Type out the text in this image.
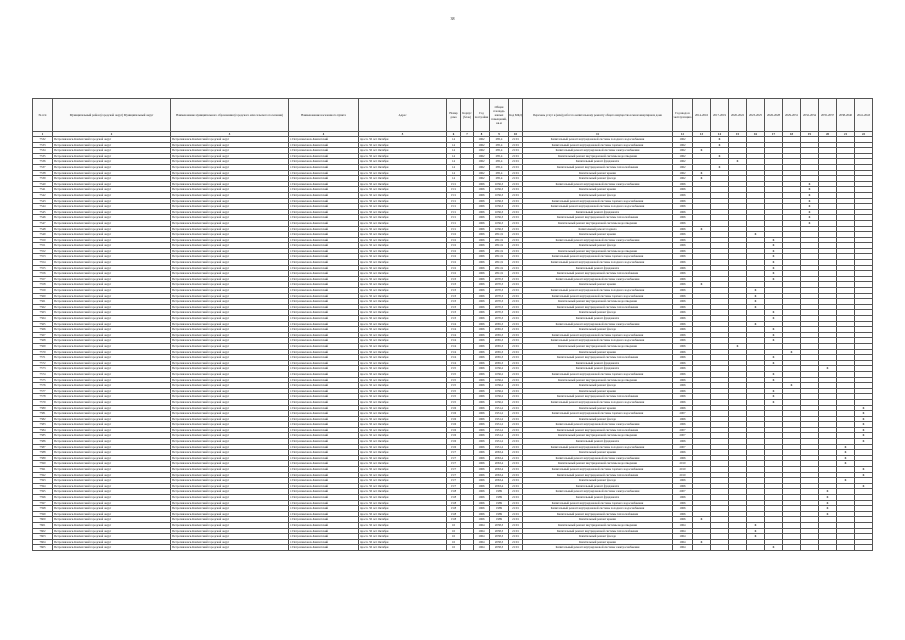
38
№ п/п	Муниципальный район (городской округ) Муниципальный округ	Наименование муниципального образования (городского или сельского поселения)	Наименование населенного пункта	Адрес	Номер дома	Корпус (блок)	Год постройки	Общая площадь жилых помещений, кв.м	Код МКД	Перечень услуг и (или) работ по капитальному ремонту общего имущества в многоквартирном доме	Год ввода в эксплуатацию	2014-2016	2017-2019	2020-2022	2023-2025	2026-2028	2029-2031	2032-2034	2035-2037	2038-2040	2041-2043
1	2	3	4	5	6	7	8	9	10	11	12	13	14	15	16	17	18	19	20	21	22
7532	Петропавловск-Камчатский городской округ	Петропавловск-Камчатский городской округ	г. Петропавловск-Камчатский	просп. 50 лет Октября	14		1962	285,4	21:01	Капитальный ремонт внутридомовой системы холодного водоснабжения	1962		X								
7533	Петропавловск-Камчатский городской округ	Петропавловск-Камчатский городской округ	г. Петропавловск-Камчатский	просп. 50 лет Октября	14		1962	285,4	21:01	Капитальный ремонт внутридомовой системы горячего водоснабжения	1962		X								
7534	Петропавловск-Камчатский городской округ	Петропавловск-Камчатский городской округ	г. Петропавловск-Камчатский	просп. 50 лет Октября	14		1962	285,4	21:01	Капитальный ремонт внутридомовой системы электроснабжения	1962	X									
7535	Петропавловск-Камчатский городской округ	Петропавловск-Камчатский городской округ	г. Петропавловск-Камчатский	просп. 50 лет Октября	14		1962	285,4	21:01	Капитальный ремонт внутридомовой системы водоотведения	1962		X								
7536	Петропавловск-Камчатский городской округ	Петропавловск-Камчатский городской округ	г. Петропавловск-Камчатский	просп. 50 лет Октября	14		1962	285,4	21:01	Капитальный ремонт фундамента	1962			X							
7537	Петропавловск-Камчатский городской округ	Петропавловск-Камчатский городской округ	г. Петропавловск-Камчатский	просп. 50 лет Октября	14		1962	285,4	21:01	Капитальный ремонт внутридомовой системы теплоснабжения	1962		X								
7538	Петропавловск-Камчатский городской округ	Петропавловск-Камчатский городской округ	г. Петропавловск-Камчатский	просп. 50 лет Октября	14		1962	285,4	21:01	Капитальный ремонт крыши	1962	X									
7539	Петропавловск-Камчатский городской округ	Петропавловск-Камчатский городской округ	г. Петропавловск-Камчатский	просп. 50 лет Октября	14		1962	285,4	21:01	Капитальный ремонт фасада	1962	X									
7540	Петропавловск-Камчатский городской округ	Петропавловск-Камчатский городской округ	г. Петропавловск-Камчатский	просп. 50 лет Октября	15/1		1966	1036,3	21:01	Капитальный ремонт внутридомовой системы электроснабжения	1966							X			
7541	Петропавловск-Камчатский городской округ	Петропавловск-Камчатский городской округ	г. Петропавловск-Камчатский	просп. 50 лет Октября	15/1		1966	1036,3	21:01	Капитальный ремонт крыши	1966							X			
7542	Петропавловск-Камчатский городской округ	Петропавловск-Камчатский городской округ	г. Петропавловск-Камчатский	просп. 50 лет Октября	15/1		1966	1036,3	21:01	Капитальный ремонт фасада	1966							X			
7543	Петропавловск-Камчатский городской округ	Петропавловск-Камчатский городской округ	г. Петропавловск-Камчатский	просп. 50 лет Октября	15/1		1966	1036,3	21:01	Капитальный ремонт внутридомовой системы горячего водоснабжения	1966							X			
7544	Петропавловск-Камчатский городской округ	Петропавловск-Камчатский городской округ	г. Петропавловск-Камчатский	просп. 50 лет Октября	15/1		1966	1036,3	21:01	Капитальный ремонт внутридомовой системы холодного водоснабжения	1966							X			
7545	Петропавловск-Камчатский городской округ	Петропавловск-Камчатский городской округ	г. Петропавловск-Камчатский	просп. 50 лет Октября	15/1		1966	1036,3	21:01	Капитальный ремонт фундамента	1966							X			
7546	Петропавловск-Камчатский городской округ	Петропавловск-Камчатский городской округ	г. Петропавловск-Камчатский	просп. 50 лет Октября	15/1		1966	1036,3	21:01	Капитальный ремонт внутридомовой системы теплоснабжения	1966							X			
7547	Петропавловск-Камчатский городской округ	Петропавловск-Камчатский городской округ	г. Петропавловск-Камчатский	просп. 50 лет Октября	15/1		1966	1036,3	21:01	Капитальный ремонт внутридомовой системы водоотведения	1966							X			
7548	Петропавловск-Камчатский городской округ	Петропавловск-Камчатский городской округ	г. Петропавловск-Камчатский	просп. 50 лет Октября	15/1		1966	1036,3	21:01	Капитальный ремонт подвала	1966	X									
7549	Петропавловск-Камчатский городской округ	Петропавловск-Камчатский городской округ	г. Петропавловск-Камчатский	просп. 50 лет Октября	15/2		1966	2811,9	21:01	Капитальный ремонт крыши	1966				X						
7550	Петропавловск-Камчатский городской округ	Петропавловск-Камчатский городской округ	г. Петропавловск-Камчатский	просп. 50 лет Октября	15/2		1966	2811,9	21:01	Капитальный ремонт внутридомовой системы электроснабжения	1966					X					
7551	Петропавловск-Камчатский городской округ	Петропавловск-Камчатский городской округ	г. Петропавловск-Камчатский	просп. 50 лет Октября	15/2		1966	2811,9	21:01	Капитальный ремонт фасада	1966					X					
7552	Петропавловск-Камчатский городской округ	Петропавловск-Камчатский городской округ	г. Петропавловск-Камчатский	просп. 50 лет Октября	15/2		1966	2811,9	21:01	Капитальный ремонт внутридомовой системы водоотведения	1966					X					
7553	Петропавловск-Камчатский городской округ	Петропавловск-Камчатский городской округ	г. Петропавловск-Камчатский	просп. 50 лет Октября	15/2		1966	2811,9	21:01	Капитальный ремонт внутридомовой системы горячего водоснабжения	1966					X					
7554	Петропавловск-Камчатский городской округ	Петропавловск-Камчатский городской округ	г. Петропавловск-Камчатский	просп. 50 лет Октября	15/2		1966	2811,9	21:01	Капитальный ремонт внутридомовой системы холодного водоснабжения	1966					X					
7555	Петропавловск-Камчатский городской округ	Петропавловск-Камчатский городской округ	г. Петропавловск-Камчатский	просп. 50 лет Октября	15/2		1966	2811,9	21:01	Капитальный ремонт фундамента	1966					X					
7556	Петропавловск-Камчатский городской округ	Петропавловск-Камчатский городской округ	г. Петропавловск-Камчатский	просп. 50 лет Октября	15/2		1966	2811,9	21:01	Капитальный ремонт внутридомовой системы теплоснабжения	1966					X					
7557	Петропавловск-Камчатский городской округ	Петропавловск-Камчатский городской округ	г. Петропавловск-Камчатский	просп. 50 лет Октября	15/3		1966	2070,3	21:01	Капитальный ремонт внутридомовой системы электроснабжения	1966					X					
7558	Петропавловск-Камчатский городской округ	Петропавловск-Камчатский городской округ	г. Петропавловск-Камчатский	просп. 50 лет Октября	15/3		1966	2070,3	21:01	Капитальный ремонт крыши	1966	X									
7559	Петропавловск-Камчатский городской округ	Петропавловск-Камчатский городской округ	г. Петропавловск-Камчатский	просп. 50 лет Октября	15/3		1966	2070,3	21:01	Капитальный ремонт внутридомовой системы холодного водоснабжения	1966				X						
7560	Петропавловск-Камчатский городской округ	Петропавловск-Камчатский городской округ	г. Петропавловск-Камчатский	просп. 50 лет Октября	15/3		1966	2070,3	21:01	Капитальный ремонт внутридомовой системы горячего водоснабжения	1966				X						
7561	Петропавловск-Камчатский городской округ	Петропавловск-Камчатский городской округ	г. Петропавловск-Камчатский	просп. 50 лет Октября	15/3		1966	2070,3	21:01	Капитальный ремонт внутридомовой системы водоотведения	1966				X						
7562	Петропавловск-Камчатский городской округ	Петропавловск-Камчатский городской округ	г. Петропавловск-Камчатский	просп. 50 лет Октября	15/3		1966	2070,3	21:01	Капитальный ремонт внутридомовой системы теплоснабжения	1966				X						
7563	Петропавловск-Камчатский городской округ	Петропавловск-Камчатский городской округ	г. Петропавловск-Камчатский	просп. 50 лет Октября	15/3		1966	2070,3	21:01	Капитальный ремонт фасада	1966					X					
7564	Петропавловск-Камчатский городской округ	Петропавловск-Камчатский городской округ	г. Петропавловск-Камчатский	просп. 50 лет Октября	15/3		1966	2070,3	21:01	Капитальный ремонт фундамента	1966					X					
7565	Петропавловск-Камчатский городской округ	Петропавловск-Камчатский городской округ	г. Петропавловск-Камчатский	просп. 50 лет Октября	15/4		1966	2065,3	21:01	Капитальный ремонт внутридомовой системы электроснабжения	1966				X						
7566	Петропавловск-Камчатский городской округ	Петропавловск-Камчатский городской округ	г. Петропавловск-Камчатский	просп. 50 лет Октября	15/4		1966	2065,3	21:01	Капитальный ремонт фасада	1966					X					
7567	Петропавловск-Камчатский городской округ	Петропавловск-Камчатский городской округ	г. Петропавловск-Камчатский	просп. 50 лет Октября	15/4		1966	2065,3	21:01	Капитальный ремонт внутридомовой системы горячего водоснабжения	1966					X					
7568	Петропавловск-Камчатский городской округ	Петропавловск-Камчатский городской округ	г. Петропавловск-Камчатский	просп. 50 лет Октября	15/4		1966	2065,3	21:01	Капитальный ремонт внутридомовой системы холодного водоснабжения	1966					X					
7569	Петропавловск-Камчатский городской округ	Петропавловск-Камчатский городской округ	г. Петропавловск-Камчатский	просп. 50 лет Октября	15/4		1966	2065,3	21:01	Капитальный ремонт внутридомовой системы водоотведения	1966			X							
7570	Петропавловск-Камчатский городской округ	Петропавловск-Камчатский городской округ	г. Петропавловск-Камчатский	просп. 50 лет Октября	15/4		1966	2065,3	21:01	Капитальный ремонт крыши	1966						X				
7571	Петропавловск-Камчатский городской округ	Петропавловск-Камчатский городской округ	г. Петропавловск-Камчатский	просп. 50 лет Октября	15/4		1966	2065,3	21:01	Капитальный ремонт внутридомовой системы теплоснабжения	1966					X					
7572	Петропавловск-Камчатский городской округ	Петропавловск-Камчатский городской округ	г. Петропавловск-Камчатский	просп. 50 лет Октября	15/4		1966	2065,3	21:01	Капитальный ремонт фундамента	1966					X					
7573	Петропавловск-Камчатский городской округ	Петропавловск-Камчатский городской округ	г. Петропавловск-Камчатский	просп. 50 лет Октября	15/5		1966	1036,2	21:01	Капитальный ремонт фундамента	1966								X		
7574	Петропавловск-Камчатский городской округ	Петропавловск-Камчатский городской округ	г. Петропавловск-Камчатский	просп. 50 лет Октября	15/5		1966	1036,2	21:01	Капитальный ремонт внутридомовой системы горячего водоснабжения	1966					X					
7575	Петропавловск-Камчатский городской округ	Петропавловск-Камчатский городской округ	г. Петропавловск-Камчатский	просп. 50 лет Октября	15/5		1966	1036,2	21:01	Капитальный ремонт внутридомовой системы водоотведения	1966					X					
7576	Петропавловск-Камчатский городской округ	Петропавловск-Камчатский городской округ	г. Петропавловск-Камчатский	просп. 50 лет Октября	15/5		1966	1036,2	21:01	Капитальный ремонт фасада	1966						X				
7577	Петропавловск-Камчатский городской округ	Петропавловск-Камчатский городской округ	г. Петропавловск-Камчатский	просп. 50 лет Октября	15/5		1966	1036,2	21:01	Капитальный ремонт крыши	1966					X					
7578	Петропавловск-Камчатский городской округ	Петропавловск-Камчатский городской округ	г. Петропавловск-Камчатский	просп. 50 лет Октября	15/5		1966	1036,2	21:01	Капитальный ремонт внутридомовой системы теплоснабжения	1966					X					
7579	Петропавловск-Камчатский городской округ	Петропавловск-Камчатский городской округ	г. Петропавловск-Камчатский	просп. 50 лет Октября	15/5		1966	1036,2	21:01	Капитальный ремонт внутридомовой системы холодного водоснабжения	1966					X					
7580	Петропавловск-Камчатский городской округ	Петропавловск-Камчатский городской округ	г. Петропавловск-Камчатский	просп. 50 лет Октября	15/6		1966	1931,2	21:01	Капитальный ремонт крыши	1966										X
7581	Петропавловск-Камчатский городской округ	Петропавловск-Камчатский городской округ	г. Петропавловск-Камчатский	просп. 50 лет Октября	15/6		1966	1931,2	21:01	Капитальный ремонт внутридомовой системы горячего водоснабжения	2007										X
7582	Петропавловск-Камчатский городской округ	Петропавловск-Камчатский городской округ	г. Петропавловск-Камчатский	просп. 50 лет Октября	15/6		1966	1931,2	21:01	Капитальный ремонт фасада	1966										X
7583	Петропавловск-Камчатский городской округ	Петропавловск-Камчатский городской округ	г. Петропавловск-Камчатский	просп. 50 лет Октября	15/6		1966	1931,2	21:01	Капитальный ремонт внутридомовой системы электроснабжения	1966										X
7584	Петропавловск-Камчатский городской округ	Петропавловск-Камчатский городской округ	г. Петропавловск-Камчатский	просп. 50 лет Октября	15/6		1966	1931,2	21:01	Капитальный ремонт внутридомовой системы теплоснабжения	2007										X
7585	Петропавловск-Камчатский городской округ	Петропавловск-Камчатский городской округ	г. Петропавловск-Камчатский	просп. 50 лет Октября	15/6		1966	1931,2	21:01	Капитальный ремонт внутридомовой системы водоотведения	2007										X
7586	Петропавловск-Камчатский городской округ	Петропавловск-Камчатский городской округ	г. Петропавловск-Камчатский	просп. 50 лет Октября	15/6		1966	1931,2	21:01	Капитальный ремонт фундамента	1966										X
7587	Петропавловск-Камчатский городской округ	Петропавловск-Камчатский городской округ	г. Петропавловск-Камчатский	просп. 50 лет Октября	15/6		1966	1931,2	21:01	Капитальный ремонт внутридомовой системы холодного водоснабжения	2007									X	
7588	Петропавловск-Камчатский городской округ	Петропавловск-Камчатский городской округ	г. Петропавловск-Камчатский	просп. 50 лет Октября	15/7		1966	2063,4	21:01	Капитальный ремонт крыши	1966									X	
7589	Петропавловск-Камчатский городской округ	Петропавловск-Камчатский городской округ	г. Петропавловск-Камчатский	просп. 50 лет Октября	15/7		1966	2063,4	21:01	Капитальный ремонт внутридомовой системы электроснабжения	1966									X	
7590	Петропавловск-Камчатский городской округ	Петропавловск-Камчатский городской округ	г. Петропавловск-Камчатский	просп. 50 лет Октября	15/7		1966	2063,4	21:01	Капитальный ремонт внутридомовой системы водоотведения	2010									X	
7591	Петропавловск-Камчатский городской округ	Петропавловск-Камчатский городской округ	г. Петропавловск-Камчатский	просп. 50 лет Октября	15/7		1966	2063,4	21:01	Капитальный ремонт внутридомовой системы горячего водоснабжения	2010										X
7592	Петропавловск-Камчатский городской округ	Петропавловск-Камчатский городской округ	г. Петропавловск-Камчатский	просп. 50 лет Октября	15/7		1966	2063,4	21:01	Капитальный ремонт внутридомовой системы теплоснабжения	2010										X
7593	Петропавловск-Камчатский городской округ	Петропавловск-Камчатский городской округ	г. Петропавловск-Камчатский	просп. 50 лет Октября	15/7		1966	2063,4	21:01	Капитальный ремонт фасада	1966									X	
7594	Петропавловск-Камчатский городской округ	Петропавловск-Камчатский городской округ	г. Петропавловск-Камчатский	просп. 50 лет Октября	15/7		1966	2063,4	21:01	Капитальный ремонт фундамента	1966										X
7595	Петропавловск-Камчатский городской округ	Петропавловск-Камчатский городской округ	г. Петропавловск-Камчатский	просп. 50 лет Октября	15/8		1966	1989	21:01	Капитальный ремонт внутридомовой системы электроснабжения	2007								X		
7596	Петропавловск-Камчатский городской округ	Петропавловск-Камчатский городской округ	г. Петропавловск-Камчатский	просп. 50 лет Октября	15/8		1966	1989	21:01	Капитальный ремонт фундамента	1966								X		
7597	Петропавловск-Камчатский городской округ	Петропавловск-Камчатский городской округ	г. Петропавловск-Камчатский	просп. 50 лет Октября	15/8		1966	1989	21:01	Капитальный ремонт внутридомовой системы горячего водоснабжения	1966								X		
7598	Петропавловск-Камчатский городской округ	Петропавловск-Камчатский городской округ	г. Петропавловск-Камчатский	просп. 50 лет Октября	15/8		1966	1989	21:01	Капитальный ремонт внутридомовой системы холодного водоснабжения	1966								X		
7599	Петропавловск-Камчатский городской округ	Петропавловск-Камчатский городской округ	г. Петропавловск-Камчатский	просп. 50 лет Октября	15/8		1966	1989	21:01	Капитальный ремонт внутридомовой системы теплоснабжения	1966								X		
7600	Петропавловск-Камчатский городской округ	Петропавловск-Камчатский городской округ	г. Петропавловск-Камчатский	просп. 50 лет Октября	15/8		1966	1989	21:01	Капитальный ремонт крыши	1966	X									
7601	Петропавловск-Камчатский городской округ	Петропавловск-Камчатский городской округ	г. Петропавловск-Камчатский	просп. 50 лет Октября	16		1964	2038,3	21:01	Капитальный ремонт внутридомовой системы водоотведения	1964				X						
7602	Петропавловск-Камчатский городской округ	Петропавловск-Камчатский городской округ	г. Петропавловск-Камчатский	просп. 50 лет Октября	16		1964	2038,3	21:01	Капитальный ремонт внутридомовой системы теплоснабжения	1964				X						
7603	Петропавловск-Камчатский городской округ	Петропавловск-Камчатский городской округ	г. Петропавловск-Камчатский	просп. 50 лет Октября	16		1964	2038,3	21:01	Капитальный ремонт фасада	1964				X						
7604	Петропавловск-Камчатский городской округ	Петропавловск-Камчатский городской округ	г. Петропавловск-Камчатский	просп. 50 лет Октября	16		1964	2038,3	21:01	Капитальный ремонт крыши	1964	X									
7605	Петропавловск-Камчатский городской округ	Петропавловск-Камчатский городской округ	г. Петропавловск-Камчатский	просп. 50 лет Октября	16		1964	2038,3	21:01	Капитальный ремонт внутридомовой системы электроснабжения	1964					X					
